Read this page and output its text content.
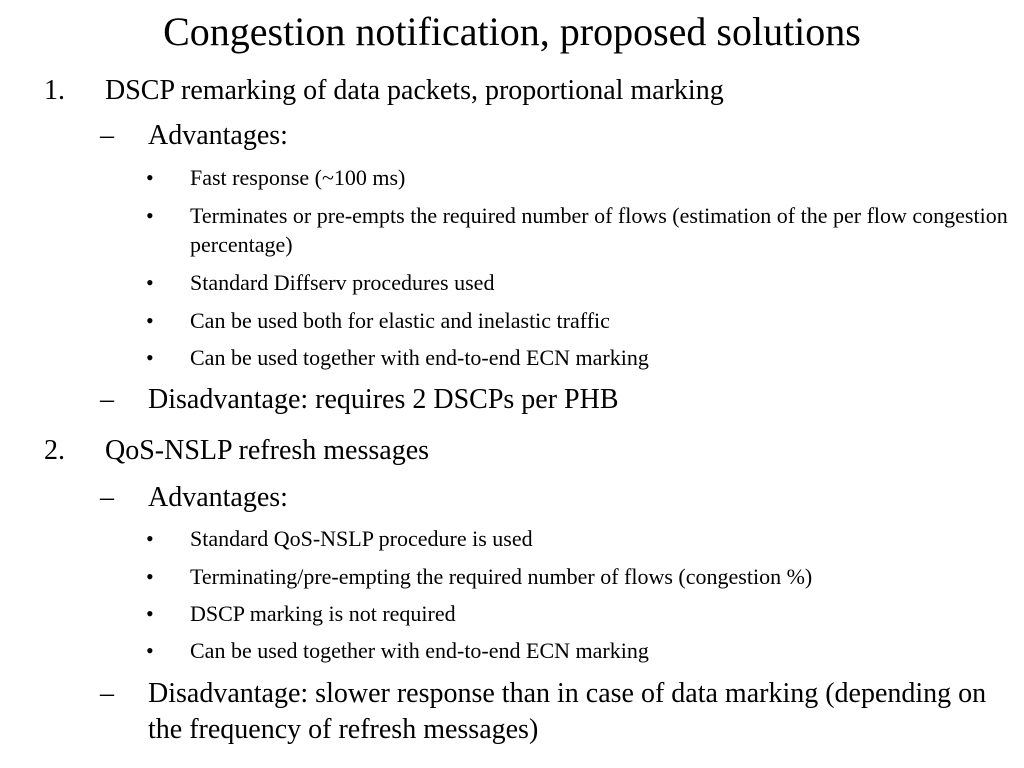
Congestion notification, proposed solutions
1. DSCP remarking of data packets, proportional marking
– Advantages:
• Fast response (~100 ms)
• Terminates or pre-empts the required number of flows (estimation of the per flow congestion percentage)
• Standard Diffserv procedures used
• Can be used both for elastic and inelastic traffic
• Can be used together with end-to-end ECN marking
– Disadvantage: requires 2 DSCPs per PHB
2. QoS-NSLP refresh messages
– Advantages:
• Standard QoS-NSLP procedure is used
• Terminating/pre-empting the required number of flows (congestion %)
• DSCP marking is not required
• Can be used together with end-to-end ECN marking
– Disadvantage: slower response than in case of data marking (depending on the frequency of refresh messages)
